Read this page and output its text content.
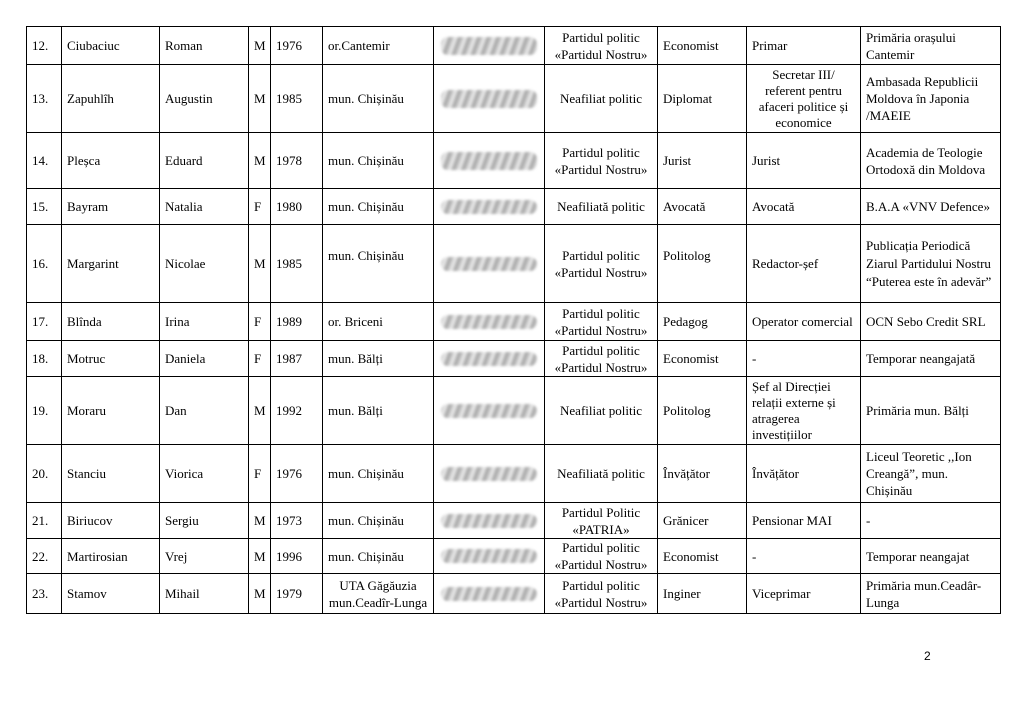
12.	Ciubaciuc	Roman	M	1976	or.Cantemir		Partidul politic «Partidul Nostru»	Economist	Primar	Primăria orașului Cantemir
13.	Zapuhlîh	Augustin	M	1985	mun. Chișinău		Neafiliat politic	Diplomat	Secretar III/ referent pentru afaceri politice și economice	Ambasada Republicii Moldova în Japonia /MAEIE
14.	Pleșca	Eduard	M	1978	mun. Chișinău		Partidul politic «Partidul Nostru»	Jurist	Jurist	Academia de Teologie Ortodoxă din Moldova
15.	Bayram	Natalia	F	1980	mun. Chișinău		Neafiliată politic	Avocată	Avocată	B.A.A «VNV Defence»
16.	Margarint	Nicolae	M	1985	mun. Chișinău		Partidul politic «Partidul Nostru»	Politolog	Redactor-șef	Publicația Periodică Ziarul Partidului Nostru “Puterea este în adevăr”
17.	Blînda	Irina	F	1989	or. Briceni		Partidul politic «Partidul Nostru»	Pedagog	Operator comercial	OCN Sebo Credit SRL
18.	Motruc	Daniela	F	1987	mun. Bălți		Partidul politic «Partidul Nostru»	Economist	-	Temporar neangajată
19.	Moraru	Dan	M	1992	mun. Bălți		Neafiliat politic	Politolog	Șef al Direcției relații externe și atragerea investițiilor	Primăria mun. Bălți
20.	Stanciu	Viorica	F	1976	mun. Chișinău		Neafiliată politic	Învățător	Învățător	Liceul Teoretic ,,Ion Creangă”, mun. Chișinău
21.	Biriucov	Sergiu	M	1973	mun. Chișinău		Partidul Politic «PATRIA»	Grănicer	Pensionar MAI	-
22.	Martirosian	Vrej	M	1996	mun. Chișinău		Partidul politic «Partidul Nostru»	Economist	-	Temporar neangajat
23.	Stamov	Mihail	M	1979	UTA Găgăuzia mun.Ceadîr-Lunga		Partidul politic «Partidul Nostru»	Inginer	Viceprimar	Primăria mun.Ceadâr-Lunga
2
